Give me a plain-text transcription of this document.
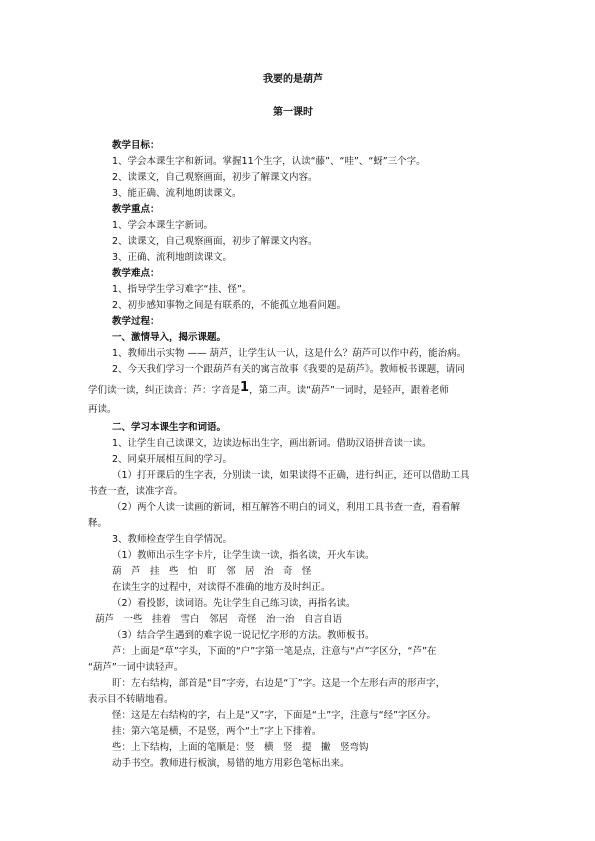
我要的是葫芦
第一课时
教学目标：
1、学会本课生字和新词。掌握11个生字，认读“藤”、“哇”、“蚜”三个字。
2、读课文，自己观察画面，初步了解课文内容。
3、能正确、流利地朗读课文。
教学重点：
1、学会本课生字新词。
2、读课文，自己观察画面，初步了解课文内容。
3、正确、流利地朗读课文。
教学难点：
1、指导学生学习难字“挂、怪”。
2、初步感知事物之间是有联系的，不能孤立地看问题。
教学过程：
一、激情导入，揭示课题。
1、教师出示实物 —— 葫芦，让学生认一认，这是什么？葫芦可以作中药，能治病。
2、今天我们学习一个跟葫芦有关的寓言故事《我要的是葫芦》。教师板书课题，请同
学们读一读，纠正读音：芦：字音是1，第二声。读“葫芦”一词时，是轻声，跟着老师
再读。
二、学习本课生字和词语。
1、让学生自己读课文，边读边标出生字，画出新词。借助汉语拼音读一读。
2、同桌开展相互间的学习。
（1）打开课后的生字表，分别读一读，如果读得不正确，进行纠正，还可以借助工具
书查一查，读准字音。
（2）两个人读一读画的新词，相互解答不明白的词义，利用工具书查一查，看看解
释。
3、教师检查学生自学情况。
（1）教师出示生字卡片，让学生读一读，指名读，开火车读。
葫　芦　挂　些　怕　盯　邻　居　治　奇　怪
在读生字的过程中，对读得不准确的地方及时纠正。
（2）看投影，读词语。先让学生自己练习读，再指名读。
葫芦　一些　挂着　雪白　邻居　奇怪　治一治　自言自语
（3）结合学生遇到的难字说一说记忆字形的方法。教师板书。
芦：上面是“草”字头，下面的“户”字第一笔是点，注意与“卢”字区分，“芦”在
“葫芦”一词中读轻声。
盯：左右结构，部首是“目”字旁，右边是“丁”字。这是一个左形右声的形声字，
表示目不转睛地看。
怪：这是左右结构的字，右上是“又”字，下面是“土”字，注意与“经”字区分。
挂：第六笔是横，不是竖，两个“土”字上下排着。
些：上下结构，上面的笔顺是：竖　横　竖　提　撇　竖弯钩
动手书空。教师进行板演，易错的地方用彩色笔标出来。
